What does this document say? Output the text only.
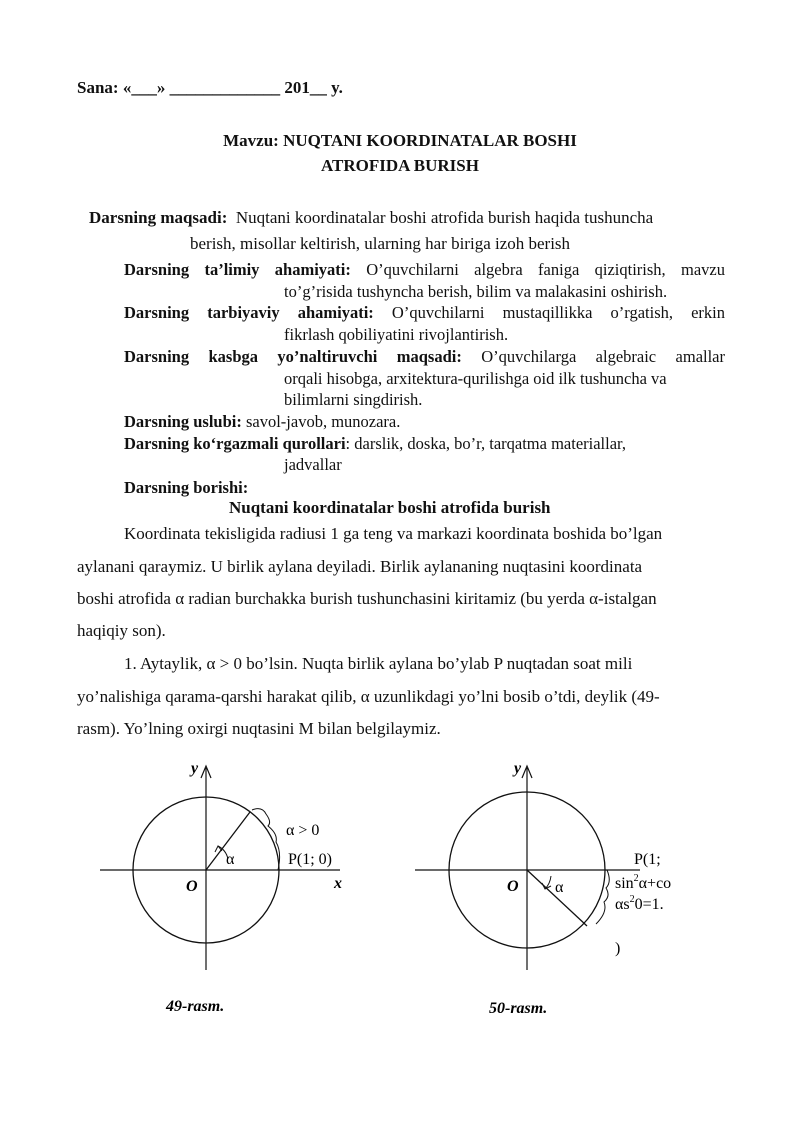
Sana: «___» _____________ 201__ y.
Mavzu: NUQTANI KOORDINATALAR BOSHI
ATROFIDA BURISH
Darsning maqsadi: Nuqtani koordinatalar boshi atrofida burish haqida tushuncha
berish, misollar keltirish, ularning har biriga izoh berish
Darsning ta’limiy ahamiyati: O’quvchilarni algebra faniga qiziqtirish, mavzu
to’g’risida tushyncha berish, bilim va malakasini oshirish.
Darsning tarbiyaviy ahamiyati: O’quvchilarni mustaqillikka o’rgatish, erkin
fikrlash qobiliyatini rivojlantirish.
Darsning kasbga yo’naltiruvchi maqsadi: O’quvchilarga algebraic amallar
orqali hisobga, arxitektura-qurilishga oid ilk tushuncha va
bilimlarni singdirish.
Darsning uslubi: savol-javob, munozara.
Darsning ko‘rgazmali qurollari: darslik, doska, bo’r, tarqatma materiallar,
jadvallar
Darsning borishi:
Nuqtani koordinatalar boshi atrofida burish
Koordinata tekisligida radiusi 1 ga teng va markazi koordinata boshida bo’lgan
aylanani qaraymiz. U birlik aylana deyiladi. Birlik aylananing nuqtasini koordinata
boshi atrofida α radian burchakka burish tushunchasini kiritamiz (bu yerda α-istalgan
haqiqiy son).
1. Aytaylik, α > 0 bo’lsin. Nuqta birlik aylana bo’ylab P nuqtadan soat mili
yo’nalishiga qarama-qarshi harakat qilib, α uzunlikdagi yo’lni bosib o’tdi, deylik (49-
rasm). Yo’lning oxirgi nuqtasini M bilan belgilaymiz.
y
x
O
α
α > 0
P(1; 0)
49-rasm.
y
O α
P(1;
$\sin^2\alpha+co$
$\alpha s^20=1$.
)
50-rasm.
